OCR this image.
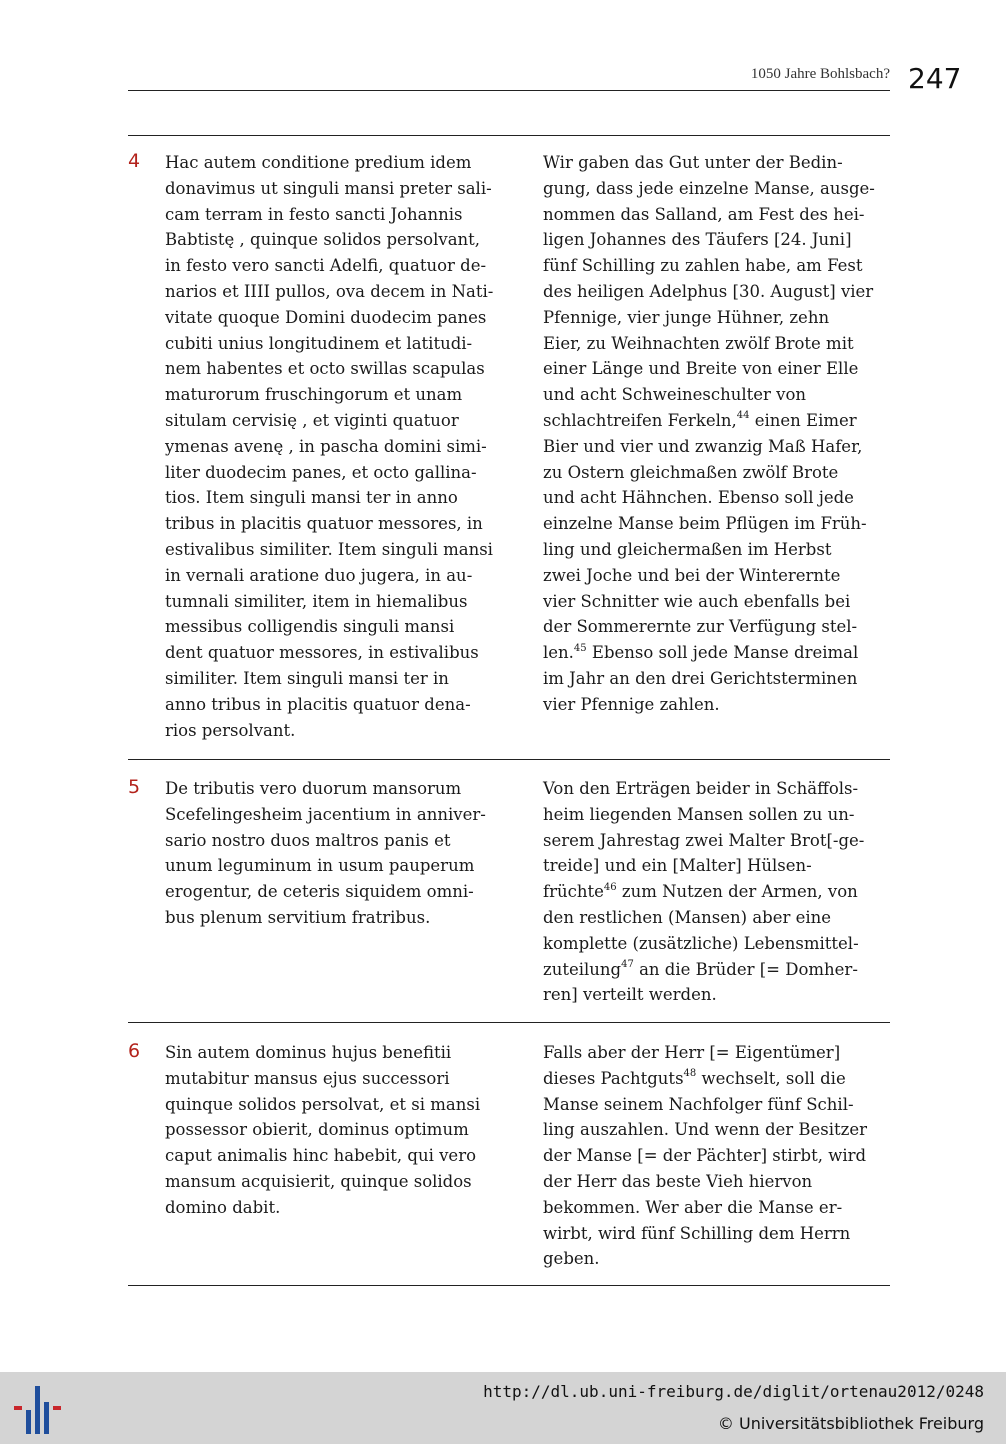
1050 Jahre Bohlsbach? 247
4 Hac autem conditione predium idem
donavimus ut singuli mansi preter sali-
cam terram in festo sancti Johannis
Babtistę , quinque solidos persolvant,
in festo vero sancti Adelfi, quatuor de-
narios et IIII pullos, ova decem in Nati-
vitate quoque Domini duodecim panes
cubiti unius longitudinem et latitudi-
nem habentes et octo swillas scapulas
maturorum fruschingorum et unam
situlam cervisię , et viginti quatuor
ymenas avenę , in pascha domini simi-
liter duodecim panes, et octo gallina-
tios. Item singuli mansi ter in anno
tribus in placitis quatuor messores, in
estivalibus similiter. Item singuli mansi
in vernali aratione duo jugera, in au-
tumnali similiter, item in hiemalibus
messibus colligendis singuli mansi
dent quatuor messores, in estivalibus
similiter. Item singuli mansi ter in
anno tribus in placitis quatuor dena-
rios persolvant.
Wir gaben das Gut unter der Bedin-
gung, dass jede einzelne Manse, ausge-
nommen das Salland, am Fest des hei-
ligen Johannes des Täufers [24. Juni]
fünf Schilling zu zahlen habe, am Fest
des heiligen Adelphus [30. August] vier
Pfennige, vier junge Hühner, zehn
Eier, zu Weihnachten zwölf Brote mit
einer Länge und Breite von einer Elle
und acht Schweineschulter von
schlachtreifen Ferkeln,$^{44}$ einen Eimer
Bier und vier und zwanzig Maß Hafer,
zu Ostern gleichmaßen zwölf Brote
und acht Hähnchen. Ebenso soll jede
einzelne Manse beim Pflügen im Früh-
ling und gleichermaßen im Herbst
zwei Joche und bei der Winterernte
vier Schnitter wie auch ebenfalls bei
der Sommerernte zur Verfügung stel-
len.$^{45}$ Ebenso soll jede Manse dreimal
im Jahr an den drei Gerichtsterminen
vier Pfennige zahlen.
5 De tributis vero duorum mansorum
Scefelingesheim jacentium in anniver-
sario nostro duos maltros panis et
unum leguminum in usum pauperum
erogentur, de ceteris siquidem omni-
bus plenum servitium fratribus.
Von den Erträgen beider in Schäffols-
heim liegenden Mansen sollen zu un-
serem Jahrestag zwei Malter Brot[-ge-
treide] und ein [Malter] Hülsen-
früchte$^{46}$ zum Nutzen der Armen, von
den restlichen (Mansen) aber eine
komplette (zusätzliche) Lebensmittel-
zuteilung$^{47}$ an die Brüder [= Domher-
ren] verteilt werden.
6 Sin autem dominus hujus benefitii
mutabitur mansus ejus successori
quinque solidos persolvat, et si mansi
possessor obierit, dominus optimum
caput animalis hinc habebit, qui vero
mansum acquisierit, quinque solidos
domino dabit.
Falls aber der Herr [= Eigentümer]
dieses Pachtguts$^{48}$ wechselt, soll die
Manse seinem Nachfolger fünf Schil-
ling auszahlen. Und wenn der Besitzer
der Manse [= der Pächter] stirbt, wird
der Herr das beste Vieh hiervon
bekommen. Wer aber die Manse er-
wirbt, wird fünf Schilling dem Herrn
geben.
http://dl.ub.uni-freiburg.de/diglit/ortenau2012/0248
© Universitätsbibliothek Freiburg
